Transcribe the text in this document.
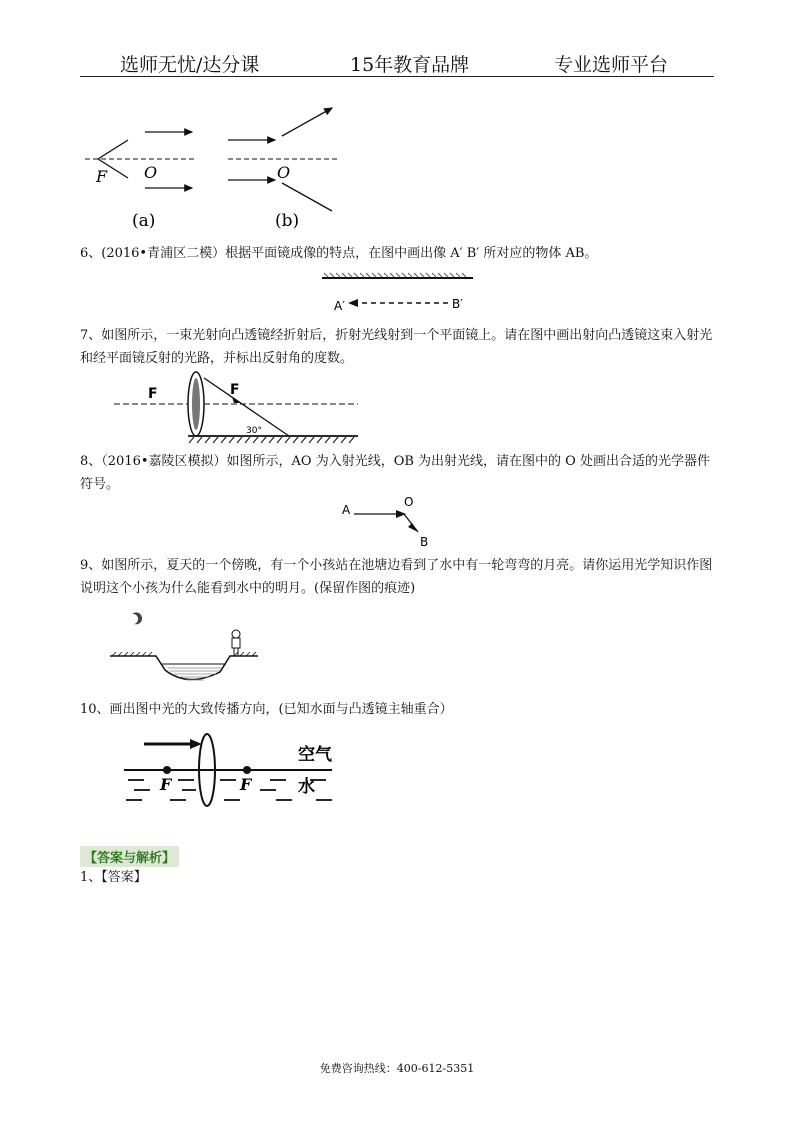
选师无忧/达分课	15年教育品牌	专业选师平台
F O
(a)
O
(b)
6、(2016•青浦区二模）根据平面镜成像的特点，在图中画出像 A′ B′ 所对应的物体 AB。
A′	B′
7、如图所示，一束光射向凸透镜经折射后，折射光线射到一个平面镜上。请在图中画出射向凸透镜这束入射光和经平面镜反射的光路，并标出反射角的度数。
F	F
30°
8、（2016•嘉陵区模拟）如图所示，AO 为入射光线，OB 为出射光线，请在图中的 O 处画出合适的光学器件符号。
A
O
B
9、如图所示，夏天的一个傍晚，有一个小孩站在池塘边看到了水中有一轮弯弯的月亮。请你运用光学知识作图说明这个小孩为什么能看到水中的明月。(保留作图的痕迹)
10、画出图中光的大致传播方向，(已知水面与凸透镜主轴重合）
F	F
空气
水
【答案与解析】
1、【答案】
免费咨询热线：400-612-5351
